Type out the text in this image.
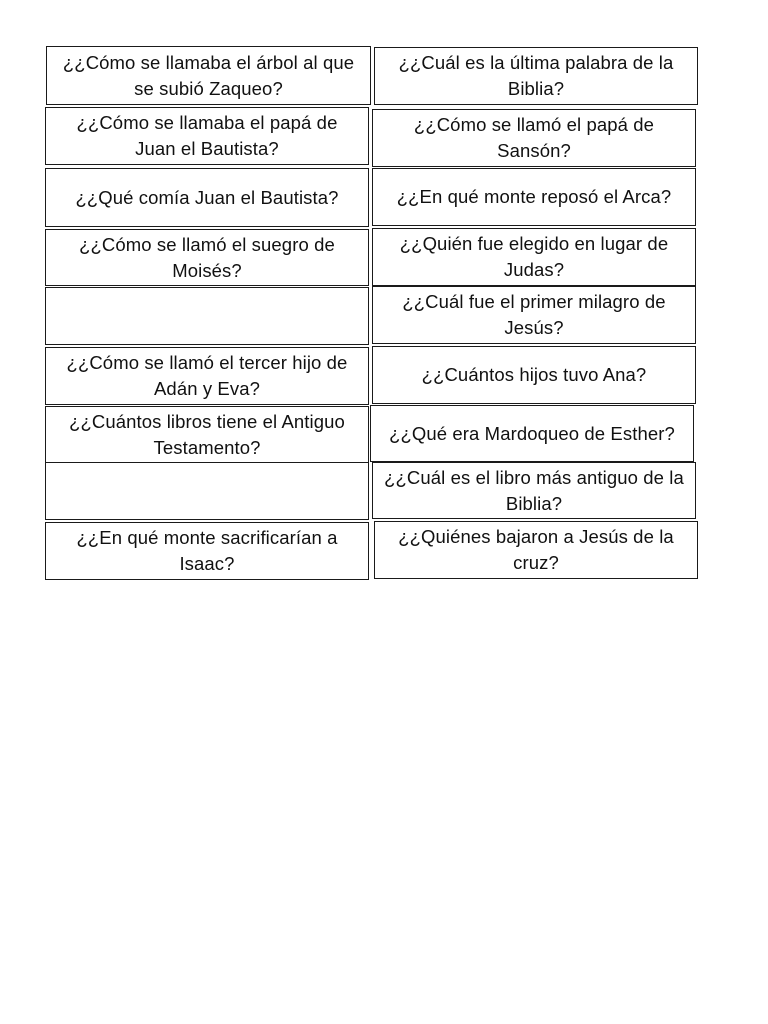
¿¿Cómo se llamaba el árbol al que se subió Zaqueo?
¿¿Cómo se llamaba el papá de Juan el Bautista?
¿¿Qué comía Juan el Bautista?
¿¿Cómo se llamó el suegro de Moisés?
¿¿Cómo se llamó el tercer hijo de Adán y Eva?
¿¿Cuántos libros tiene el Antiguo Testamento?
¿¿En qué monte sacrificarían a Isaac?
¿¿Cuál es la última palabra de la Biblia?
¿¿Cómo se llamó el papá de Sansón?
¿¿En qué monte reposó el Arca?
¿¿Quién fue elegido en lugar de Judas?
¿¿Cuál fue el primer milagro de Jesús?
¿¿Cuántos hijos tuvo Ana?
¿¿Qué era Mardoqueo de Esther?
¿¿Cuál es el libro más antiguo de la Biblia?
¿¿Quiénes bajaron a Jesús de la cruz?
